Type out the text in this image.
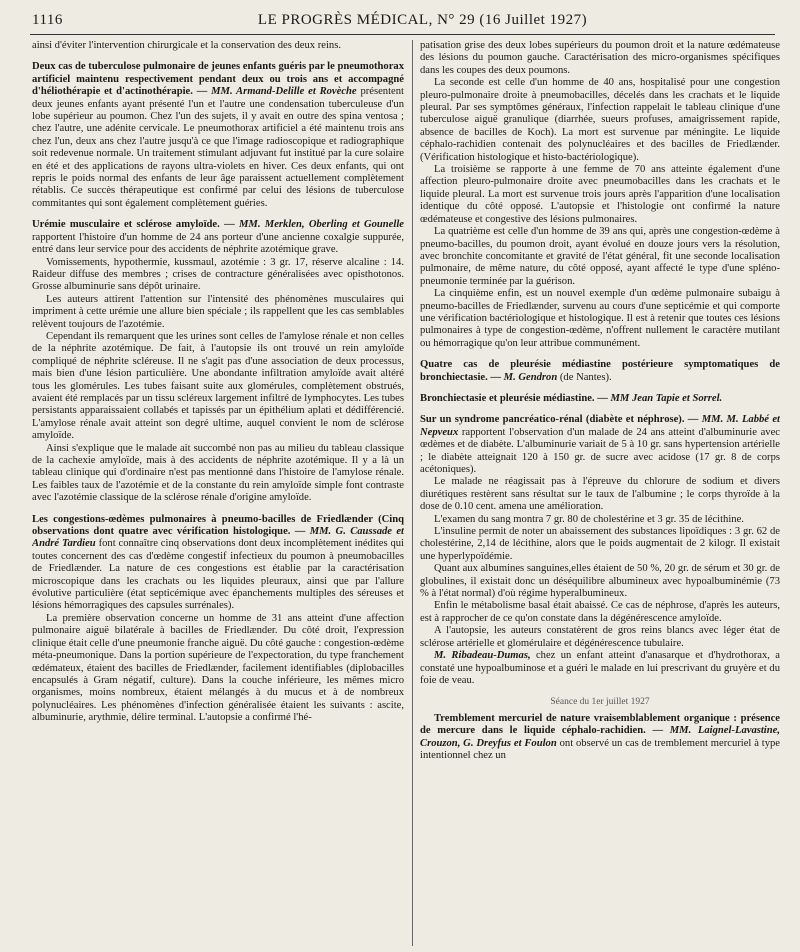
1116	LE PROGRÈS MÉDICAL, N° 29 (16 Juillet 1927)

ainsi d'éviter l'intervention chirurgicale et la conservation des deux reins.

Deux cas de tuberculose pulmonaire de jeunes enfants guéris par le pneumothorax artificiel maintenu respectivement pendant deux ou trois ans et accompagné d'héliothérapie et d'actinothérapie. — MM. Armand-Delille et Rovèche présentent deux jeunes enfants ayant présenté l'un et l'autre une condensation tuberculeuse d'un lobe supérieur au poumon. Chez l'un des sujets, il y avait en outre des spina ventosa ; chez l'autre, une adénite cervicale. Le pneumothorax artificiel a été maintenu trois ans chez l'un, deux ans chez l'autre jusqu'à ce que l'image radioscopique et radiographique soit redevenue normale. Un traitement stimulant adjuvant fut institué par la cure solaire en été et des applications de rayons ultra-violets en hiver. Ces deux enfants, qui ont repris le poids normal des enfants de leur âge paraissent actuellement complètement rétablis. Ce succès thérapeutique est confirmé par celui des lésions de tuberculose commitantes qui sont également complètement guéries.

Urémie musculaire et sclérose amyloïde. — MM. Merklen, Oberling et Gounelle rapportent l'histoire d'un homme de 24 ans porteur d'une ancienne coxalgie suppurée, entré dans leur service pour des accidents de néphrite azotémique grave.

Vomissements, hypothermie, kussmaul, azotémie : 3 gr. 17, réserve alcaline : 14. Raideur diffuse des membres ; crises de contracture généralisées avec opisthotonos. Grosse albuminurie sans dépôt urinaire.

Les auteurs attirent l'attention sur l'intensité des phénomènes musculaires qui impriment à cette urémie une allure bien spéciale ; ils rappellent que les cas semblables relèvent toujours de l'azotémie.

Cependant ils remarquent que les urines sont celles de l'amylose rénale et non celles de la néphrite azotémique. De fait, à l'autopsie ils ont trouvé un rein amyloïde compliqué de néphrite scléreuse. Il ne s'agit pas d'une association de deux processus, mais bien d'une lésion particulière. Une abondante infiltration amyloïde avait altéré tous les glomérules. Les tubes faisant suite aux glomérules, complètement obstrués, avaient été remplacés par un tissu scléreux largement infiltré de lymphocytes. Les tubes persistants apparaissaient collabés et tapissés par un épithélium aplati et dédifférencié. L'amylose rénale avait atteint son degré ultime, auquel convient le nom de sclérose amyloïde.

Ainsi s'explique que le malade ait succombé non pas au milieu du tableau classique de la cachexie amyloïde, mais à des accidents de néphrite azotémique. Il y a là un tableau clinique qui d'ordinaire n'est pas mentionné dans l'histoire de l'amylose rénale. Les faibles taux de l'azotémie et de la constante du rein amyloïde simple font contraste avec l'azotémie classique de la sclérose rénale d'origine amyloïde.

Les congestions-œdèmes pulmonaires à pneumo-bacilles de Friedlænder (Cinq observations dont quatre avec vérification histologique. — MM. G. Caussade et André Tardieu font connaître cinq observations dont deux incomplètement inédites qui toutes concernent des cas d'œdème congestif infectieux du poumon à pneumobacilles de Friedlænder. La nature de ces congestions est établie par la caractérisation microscopique dans les crachats ou les liquides pleuraux, ainsi que par l'allure évolutive particulière (état septicémique avec épanchements multiples des séreuses et lésions hémorragiques des capsules surrénales).

La première observation concerne un homme de 31 ans atteint d'une affection pulmonaire aiguë bilatérale à bacilles de Friedlænder. Du côté droit, l'expression clinique était celle d'une pneumonie franche aiguë. Du côté gauche : congestion-œdème méta-pneumonique. Dans la portion supérieure de l'expectoration, du type franchement œdémateux, étaient des bacilles de Friedlænder, facilement identifiables (diplobacilles encapsulés à Gram négatif, culture). Dans la couche inférieure, les mêmes micro organismes, moins nombreux, étaient mélangés à du mucus et à de nombreux polynucléaires. Les phénomènes d'infection généralisée étaient les suivants : ascite, albuminurie, arythmie, délire terminal. L'autopsie a confirmé l'hé-

patisation grise des deux lobes supérieurs du poumon droit et la nature œdémateuse des lésions du poumon gauche. Caractérisation des micro-organismes spécifiques dans les coupes des deux poumons.

La seconde est celle d'un homme de 40 ans, hospitalisé pour une congestion pleuro-pulmonaire droite à pneumobacilles, décelés dans les crachats et le liquide pleural. Par ses symptômes généraux, l'infection rappelait le tableau clinique d'une tuberculose aiguë granulique (diarrhée, sueurs profuses, amaigrissement rapide, absence de bacilles de Koch). La mort est survenue par méningite. Le liquide céphalo-rachidien contenait des polynucléaires et des bacilles de Friedlænder. (Vérification histologique et histo-bactériologique).

La troisième se rapporte à une femme de 70 ans atteinte également d'une affection pleuro-pulmonaire droite avec pneumobacilles dans les crachats et le liquide pleural. La mort est survenue trois jours après l'apparition d'une localisation identique du côté opposé. L'autopsie et l'histologie ont confirmé la nature œdémateuse et congestive des lésions pulmonaires.

La quatrième est celle d'un homme de 39 ans qui, après une congestion-œdème à pneumo-bacilles, du poumon droit, ayant évolué en douze jours vers la résolution, avec bronchite concomitante et gravité de l'état général, fit une seconde localisation pulmonaire, de même nature, du côté opposé, ayant affecté le type d'une spléno-pneumonie terminée par la guérison.

La cinquième enfin, est un nouvel exemple d'un œdème pulmonaire subaigu à pneumo-bacilles de Friedlænder, survenu au cours d'une septicémie et qui comporte une vérification bactériologique et histologique. Il est à retenir que toutes ces lésions pulmonaires à type de congestion-œdème, n'offrent nullement le caractère mutilant ou hémorragique qu'on leur attribue communément.

Quatre cas de pleurésie médiastine postérieure symptomatiques de bronchiectasie. — M. Gendron (de Nantes).

Bronchiectasie et pleurésie médiastine. — MM Jean Tapie et Sorrel.

Sur un syndrome pancréatico-rénal (diabète et néphrose). — MM. M. Labbé et Nepveux rapportent l'observation d'un malade de 24 ans atteint d'albuminurie avec œdèmes et de diabète. L'albuminurie variait de 5 à 10 gr. sans hypertension artérielle ; le diabète atteignait 120 à 150 gr. de sucre avec acidose (17 gr. 8 de corps acétoniques).

Le malade ne réagissait pas à l'épreuve du chlorure de sodium et divers diurétiques restèrent sans résultat sur le taux de l'albumine ; le corps thyroïde à la dose de 0.10 cent. amena une amélioration.

L'examen du sang montra 7 gr. 80 de cholestérine et 3 gr. 35 de lécithine.

L'insuline permit de noter un abaissement des substances lipoïdiques : 3 gr. 62 de cholestérine, 2,14 de lécithine, alors que le poids augmentait de 2 kilogr. Il existait une hyperlypoïdémie.

Quant aux albumines sanguines,elles étaient de 50 %, 20 gr. de sérum et 30 gr. de globulines, il existait donc un déséquilibre albumineux avec hypoalbuminémie (73 % à l'état normal) d'où régime hyperalbumineux.

Enfin le métabolisme basal était abaissé. Ce cas de néphrose, d'après les auteurs, est à rapprocher de ce qu'on constate dans la dégénérescence amyloïde.

A l'autopsie, les auteurs constatèrent de gros reins blancs avec léger état de sclérose artérielle et glomérulaire et dégénérescence tubulaire.

M. Ribadeau-Dumas, chez un enfant atteint d'anasarque et d'hydrothorax, a constaté une hypoalbuminose et a guéri le malade en lui prescrivant du gruyère et du foie de veau.

Séance du 1er juillet 1927

Tremblement mercuriel de nature vraisemblablement organique : présence de mercure dans le liquide céphalo-rachidien. — MM. Laignel-Lavastine, Crouzon, G. Dreyfus et Foulon ont observé un cas de tremblement mercuriel à type intentionnel chez un
